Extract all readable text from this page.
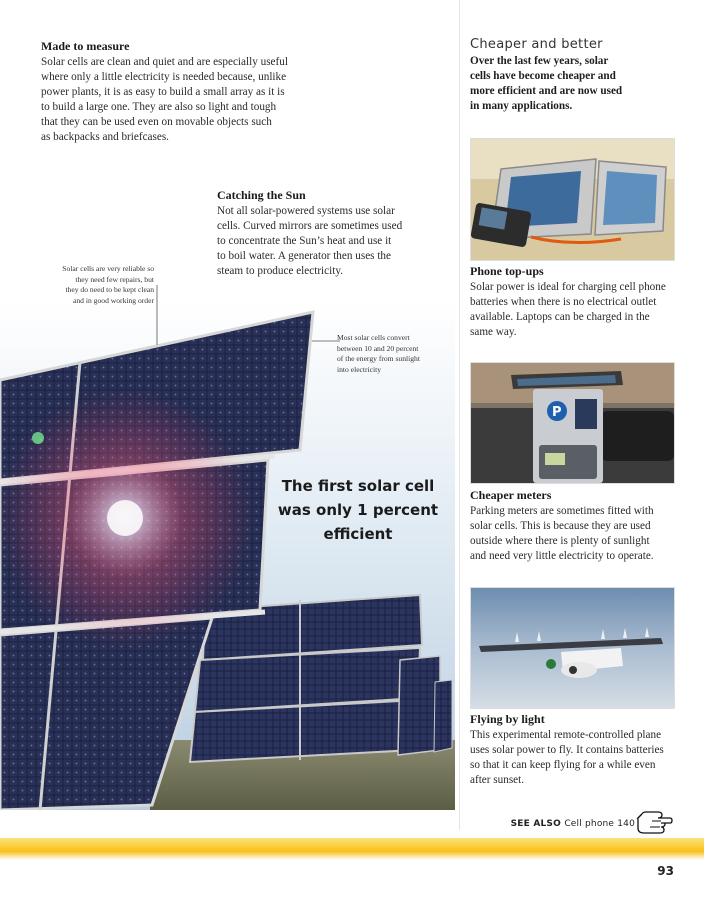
Made to measure
Solar cells are clean and quiet and are especially useful
where only a little electricity is needed because, unlike
power plants, it is as easy to build a small array as it is
to build a large one. They are also so light and tough
that they can be used even on movable objects such
as backpacks and briefcases.
Catching the Sun
Not all solar-powered systems use solar
cells. Curved mirrors are sometimes used
to concentrate the Sun’s heat and use it
to boil water. A generator then uses the
steam to produce electricity.
Solar cells are very reliable so
they need few repairs, but
they do need to be kept clean
and in good working order
Most solar cells convert
between 10 and 20 percent
of the energy from sunlight
into electricity
The first solar cell
was only 1 percent
efficient
Cheaper and better
Over the last few years, solar
cells have become cheaper and
more efficient and are now used
in many applications.
Phone top-ups
Solar power is ideal for charging cell phone
batteries when there is no electrical outlet
available. Laptops can be charged in the
same way.
P
Cheaper meters
Parking meters are sometimes fitted with
solar cells. This is because they are used
outside where there is plenty of sunlight
and need very little electricity to operate.
Flying by light
This experimental remote-controlled plane
uses solar power to fly. It contains batteries
so that it can keep flying for a while even
after sunset.
SEE ALSO Cell phone 140
93
